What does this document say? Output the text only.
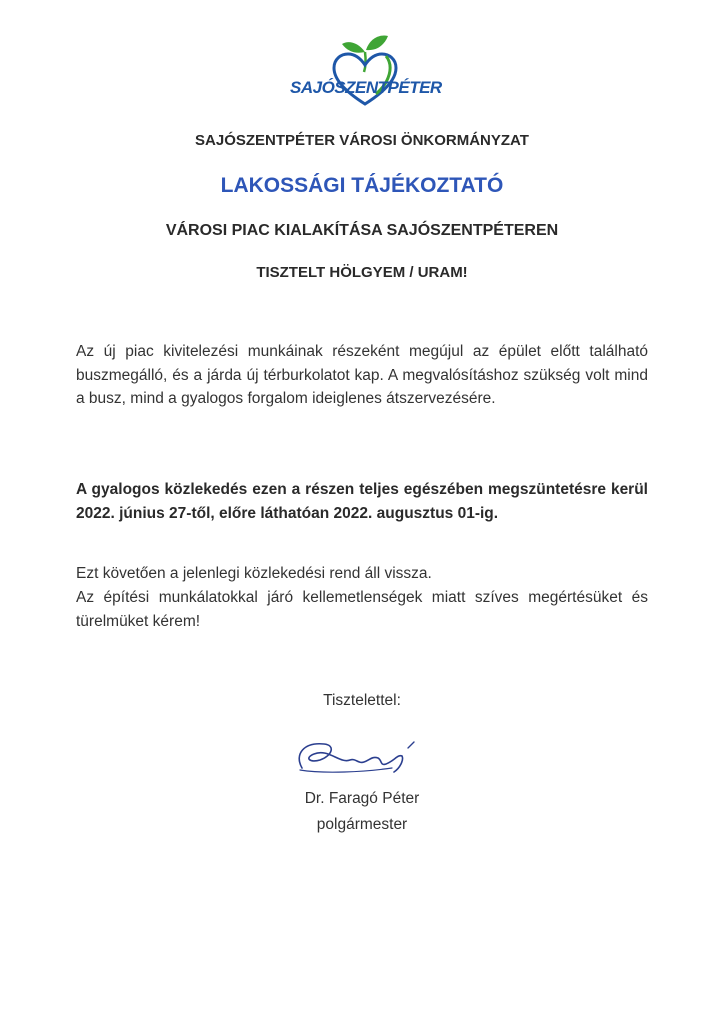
SAJÓSZENTPÉTER
SAJÓSZENTPÉTER VÁROSI ÖNKORMÁNYZAT
LAKOSSÁGI TÁJÉKOZTATÓ
VÁROSI PIAC KIALAKÍTÁSA SAJÓSZENTPÉTEREN
TISZTELT HÖLGYEM / URAM!
Az új piac kivitelezési munkáinak részeként megújul az épület előtt található buszmegálló, és a járda új térburkolatot kap. A megvalósításhoz szükség volt mind a busz, mind a gyalogos forgalom ideiglenes átszervezésére.
A gyalogos közlekedés ezen a részen teljes egészében megszüntetésre kerül 2022. június 27-től, előre láthatóan 2022. augusztus 01-ig.
Ezt követően a jelenlegi közlekedési rend áll vissza.
Az építési munkálatokkal járó kellemetlenségek miatt szíves megértésüket és türelmüket kérem!
Tisztelettel:
Dr. Faragó Péter
polgármester
